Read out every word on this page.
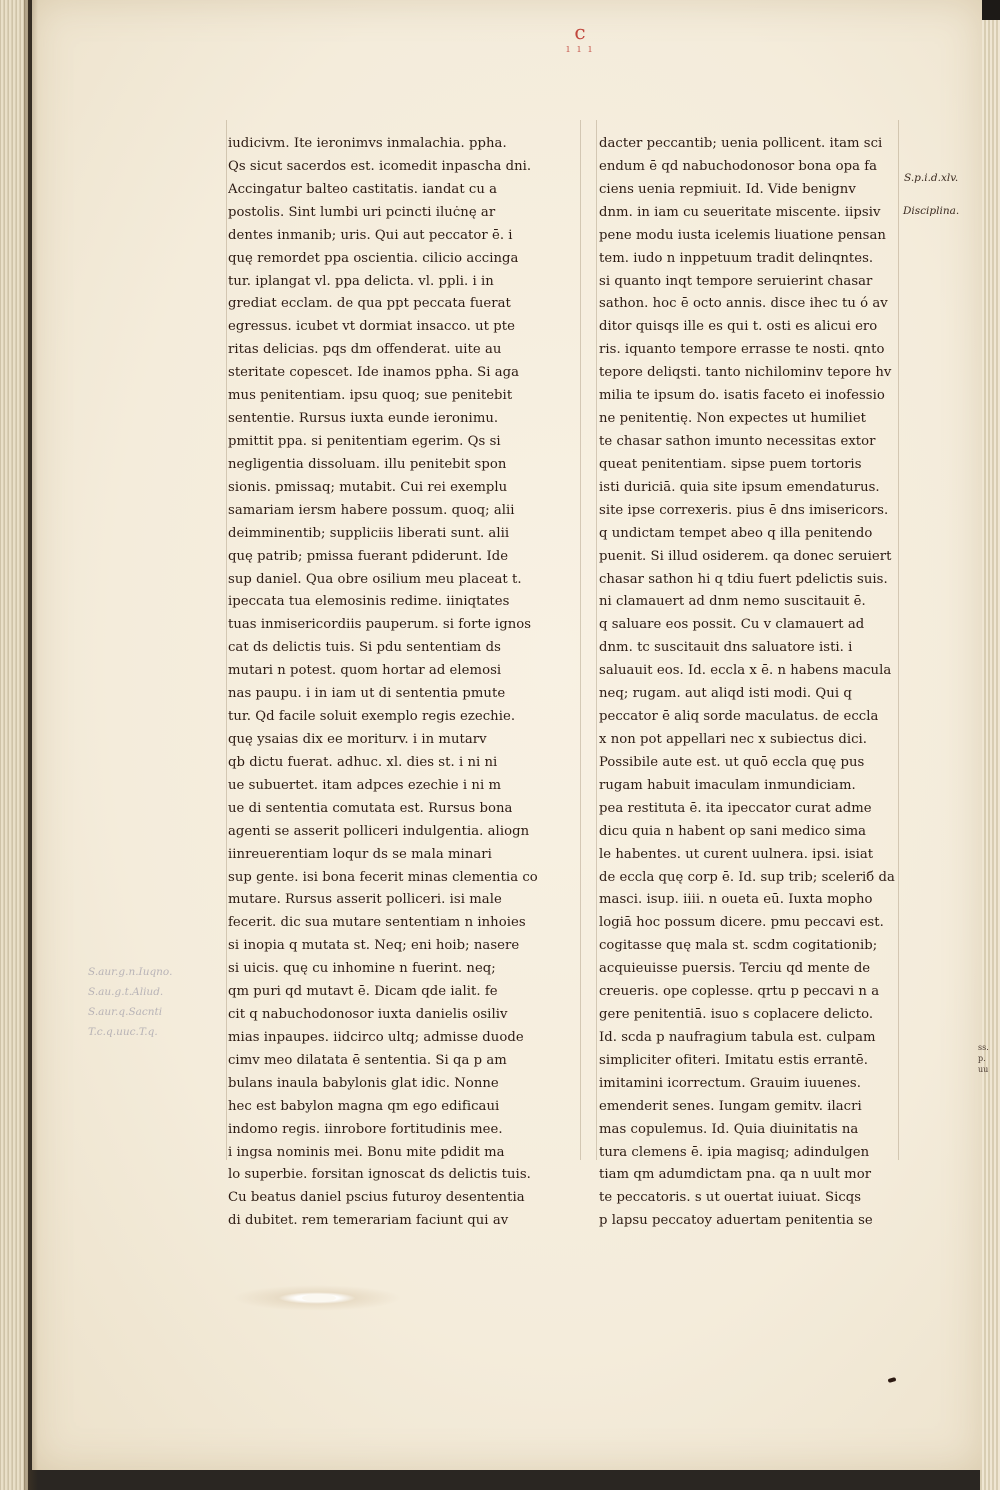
c
ı ı ı
iudicivm. Ite ieronimvs inmalachia. ppha.
Qs sicut sacerdos est. icomedit inpascha dni.
Accingatur balteo castitatis. iandat cu a
postolis. Sint lumbi uri pcincti iluċnę ar
dentes inmanib; uris. Qui aut peccator ē. i
quę remordet ppa oscientia. cilicio accinga
tur. iplangat vl. ppa delicta. vl. ppli. i in
grediat ecclam. de qua ppt peccata fuerat
egressus. icubet vt dormiat insacco. ut pte
ritas delicias. pqs dm offenderat. uite au
steritate copescet. Ide inamos ppha. Si aga
mus penitentiam. ipsu quoq; sue penitebit
sententie. Rursus iuxta eunde ieronimu.
pmittit ppa. si penitentiam egerim. Qs si
negligentia dissoluam. illu penitebit spon
sionis. pmissaq; mutabit. Cui rei exemplu
samariam iersm habere possum. quoq; alii
deimminentib; suppliciis liberati sunt. alii
quę patrib; pmissa fuerant pdiderunt. Ide
sup daniel. Qua obre osilium meu placeat t.
ipeccata tua elemosinis redime. iiniqtates
tuas inmisericordiis pauperum. si forte ignos
cat ds delictis tuis. Si pdu sententiam ds
mutari n potest. quom hortar ad elemosi
nas paupu. i in iam ut di sententia pmute
tur. Qd facile soluit exemplo regis ezechie.
quę ysaias dix ee moriturv. i in mutarv
qb dictu fuerat. adhuc. xl. dies st. i ni ni
ue subuertet. itam adpces ezechie i ni m
ue di sententia comutata est. Rursus bona
agenti se asserit polliceri indulgentia. aliogn
iinreuerentiam loqur ds se mala minari
sup gente. isi bona fecerit minas clementia co
mutare. Rursus asserit polliceri. isi male
fecerit. dic sua mutare sententiam n inhoies
si inopia q mutata st. Neq; eni hoib; nasere
si uicis. quę cu inhomine n fuerint. neq;
qm puri qd mutavt ē. Dicam qde ialit. fe
cit q nabuchodonosor iuxta danielis osiliv
mias inpaupes. iidcirco ultq; admisse duode
cimv meo dilatata ē sententia. Si qa p am
bulans inaula babylonis glat idic. Nonne
hec est babylon magna qm ego edificaui
indomo regis. iinrobore fortitudinis mee.
i ingsa nominis mei. Bonu mite pdidit ma
lo superbie. forsitan ignoscat ds delictis tuis.
Cu beatus daniel pscius futuroy desententia
di dubitet. rem temerariam faciunt qui av
dacter peccantib; uenia pollicent. itam sci
endum ē qd nabuchodonosor bona opa fa
ciens uenia repmiuit. Id. Vide benignv
dnm. in iam cu seueritate miscente. iipsiv
pene modu iusta icelemis liuatione pensan
tem. iudo n inppetuum tradit delinqntes.
si quanto inqt tempore seruierint chasar
sathon. hoc ē octo annis. disce ihec tu ó av
ditor quisqs ille es qui t. osti es alicui ero
ris. iquanto tempore errasse te nosti. qnto
tepore deliqsti. tanto nichilominv tepore hv
milia te ipsum do. isatis faceto ei inofessio
ne penitentię. Non expectes ut humiliet
te chasar sathon imunto necessitas extor
queat penitentiam. sipse puem tortoris
isti duriciā. quia site ipsum emendaturus.
site ipse correxeris. pius ē dns imisericors.
q undictam tempet abeo q illa penitendo
puenit. Si illud osiderem. qa donec seruiert
chasar sathon hi q tdiu fuert pdelictis suis.
ni clamauert ad dnm nemo suscitauit ē.
q saluare eos possit. Cu v clamauert ad
dnm. tc suscitauit dns saluatore isti. i
saluauit eos. Id. eccla x ē. n habens macula
neq; rugam. aut aliqd isti modi. Qui q
peccator ē aliq sorde maculatus. de eccla
x non pot appellari nec x subiectus dici.
Possibile aute est. ut quō eccla quę pus
rugam habuit imaculam inmundiciam.
pea restituta ē. ita ipeccator curat adme
dicu quia n habent op sani medico sima
le habentes. ut curent uulnera. ipsi. isiat
de eccla quę corp ē. Id. sup trib; sceleriб da
masci. isup. iiii. n oueta eū. Iuxta mopho
logiā hoc possum dicere. pmu peccavi est.
cogitasse quę mala st. scdm cogitationib;
acquieuisse puersis. Terciu qd mente de
creueris. ope coplesse. qrtu p peccavi n a
gere penitentiā. isuo s coplacere delicto.
Id. scda p naufragium tabula est. culpam
simpliciter ofiteri. Imitatu estis errantē.
imitamini icorrectum. Grauim iuuenes.
emenderit senes. Iungam gemitv. ilacri
mas copulemus. Id. Quia diuinitatis na
tura clemens ē. ipia magisq; adindulgen
tiam qm adumdictam pna. qa n uult mor
te peccatoris. s ut ouertat iuiuat. Sicqs
p lapsu peccatoy aduertam penitentia se
S.p.i.d.xlv.
Disciplina.
S.aur.g.n.Iuqno.
S.au.g.t.Aliud.
S.aur.q.Sacnti
T.c.q.uuc.T.q.
ss.
p.
uu
